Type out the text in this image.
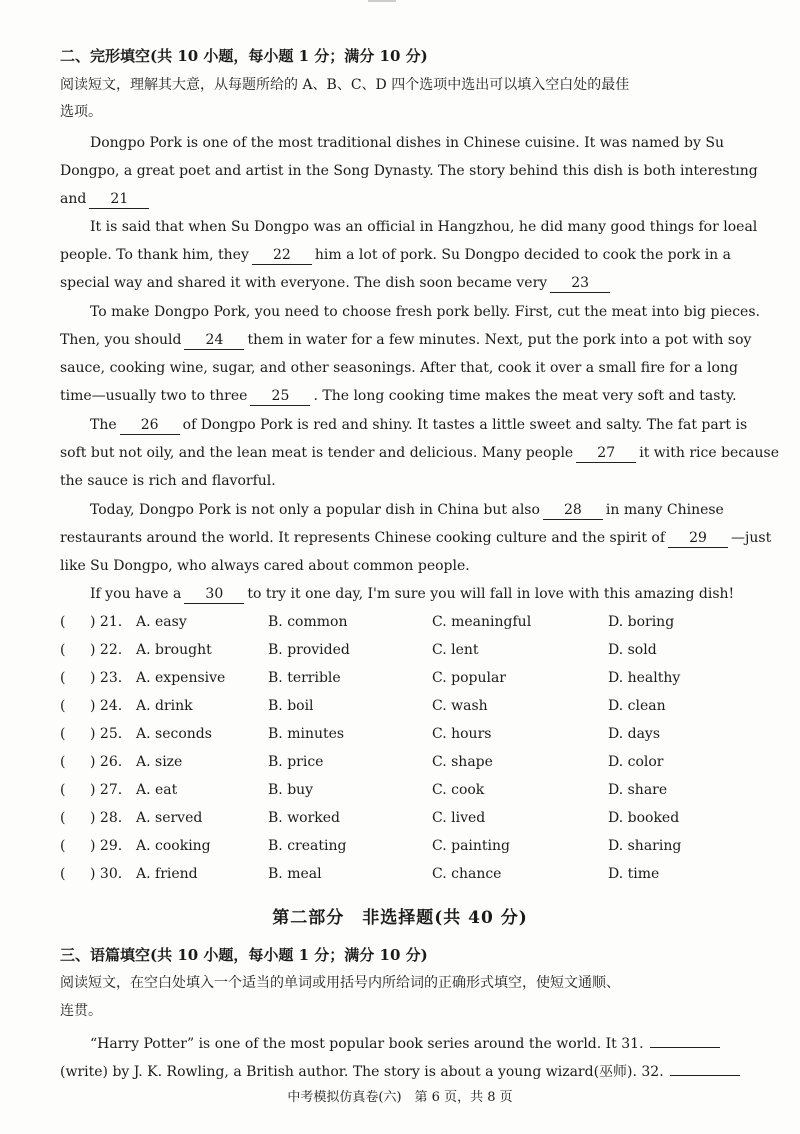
二、完形填空(共 10 小题，每小题 1 分；满分 10 分)
阅读短文，理解其大意，从每题所给的 A、B、C、D 四个选项中选出可以填入空白处的最佳
选项。
Dongpo Pork is one of the most traditional dishes in Chinese cuisine. It was named by Su
Dongpo, a great poet and artist in the Song Dynasty. The story behind this dish is both interestıng
and 21
It is said that when Su Dongpo was an official in Hangzhou, he did many good things for loeal
people. To thank him, they 22 him a lot of pork. Su Dongpo decided to cook the pork in a
special way and shared it with everyone. The dish soon became very 23
To make Dongpo Pork, you need to choose fresh pork belly. First, cut the meat into big pieces.
Then, you should 24 them in water for a few minutes. Next, put the pork into a pot with soy
sauce, cooking wine, sugar, and other seasonings. After that, cook it over a small fire for a long
time—usually two to three 25 . The long cooking time makes the meat very soft and tasty.
The 26 of Dongpo Pork is red and shiny. It tastes a little sweet and salty. The fat part is
soft but not oily, and the lean meat is tender and delicious. Many people 27 it with rice because
the sauce is rich and flavorful.
Today, Dongpo Pork is not only a popular dish in China but also 28 in many Chinese
restaurants around the world. It represents Chinese cooking culture and the spirit of 29 —just
like Su Dongpo, who always cared about common people.
If you have a 30 to try it one day, I'm sure you will fall in love with this amazing dish!
( ) 21. A. easy	B. common	C. meaningful	D. boring
( ) 22. A. brought	B. provided	C. lent	D. sold
( ) 23. A. expensive	B. terrible	C. popular	D. healthy
( ) 24. A. drink	B. boil	C. wash	D. clean
( ) 25. A. seconds	B. minutes	C. hours	D. days
( ) 26. A. size	B. price	C. shape	D. color
( ) 27. A. eat	B. buy	C. cook	D. share
( ) 28. A. served	B. worked	C. lived	D. booked
( ) 29. A. cooking	B. creating	C. painting	D. sharing
( ) 30. A. friend	B. meal	C. chance	D. time
第二部分　非选择题(共 40 分)
三、语篇填空(共 10 小题，每小题 1 分；满分 10 分)
阅读短文，在空白处填入一个适当的单词或用括号内所给词的正确形式填空，使短文通顺、
连贯。
“Harry Potter” is one of the most popular book series around the world. It 31.
(write) by J. K. Rowling, a British author. The story is about a young wizard(巫师). 32.
中考模拟仿真卷(六)　第 6 页，共 8 页
